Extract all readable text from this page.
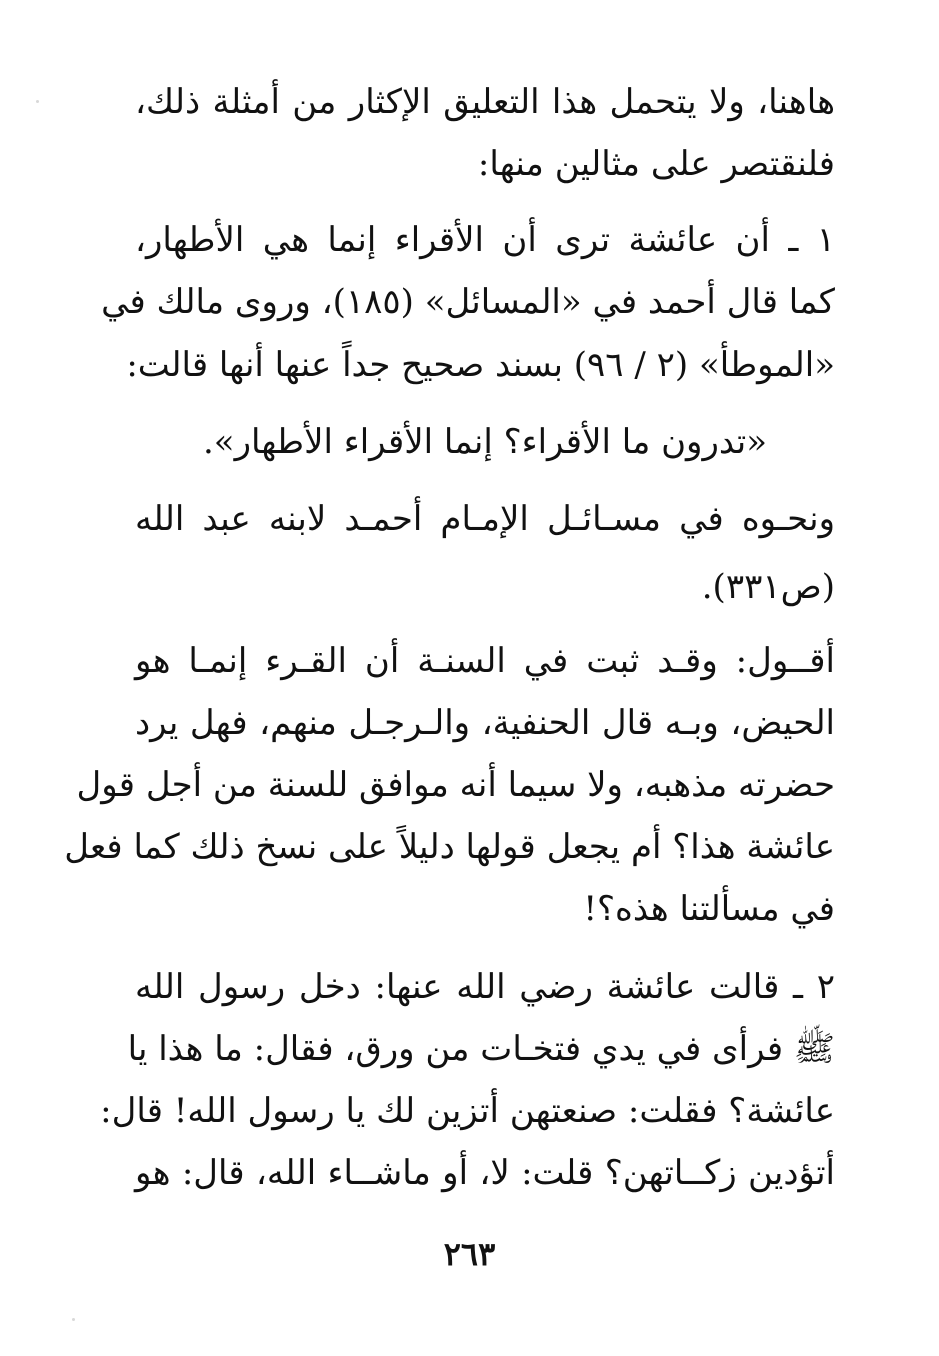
هاهنا، ولا يتحمل هذا التعليق الإكثار من أمثلة ذلك،
فلنقتصر على مثالين منها:
١ ـ أن عائشة ترى أن الأقراء إنما هي الأطهار،
كما قال أحمد في «المسائل» (١٨٥)، وروى مالك في
«الموطأ» (٢ / ٩٦) بسند صحيح جداً عنها أنها قالت:
«تدرون ما الأقراء؟ إنما الأقراء الأطهار».
ونحـوه في مسـائـل الإمـام أحمـد لابنه عبد الله
(ص٣٣١).
أقــول: وقـد ثبت في السنـة أن القـرء إنمـا هو
الحيض، وبـه قال الحنفية، والـرجـل منهم، فهل يرد
حضرته مذهبه، ولا سيما أنه موافق للسنة من أجل قول
عائشة هذا؟ أم يجعل قولها دليلاً على نسخ ذلك كما فعل
في مسألتنا هذه؟!
٢ ـ قالت عائشة رضي الله عنها: دخل رسول الله
ﷺ فرأى في يدي فتخـات من ورق، فقال: ما هذا يا
عائشة؟ فقلت: صنعتهن أتزين لك يا رسول الله! قال:
أتؤدين زكــاتهن؟ قلت: لا، أو ماشــاء الله، قال: هو
٢٦٣
